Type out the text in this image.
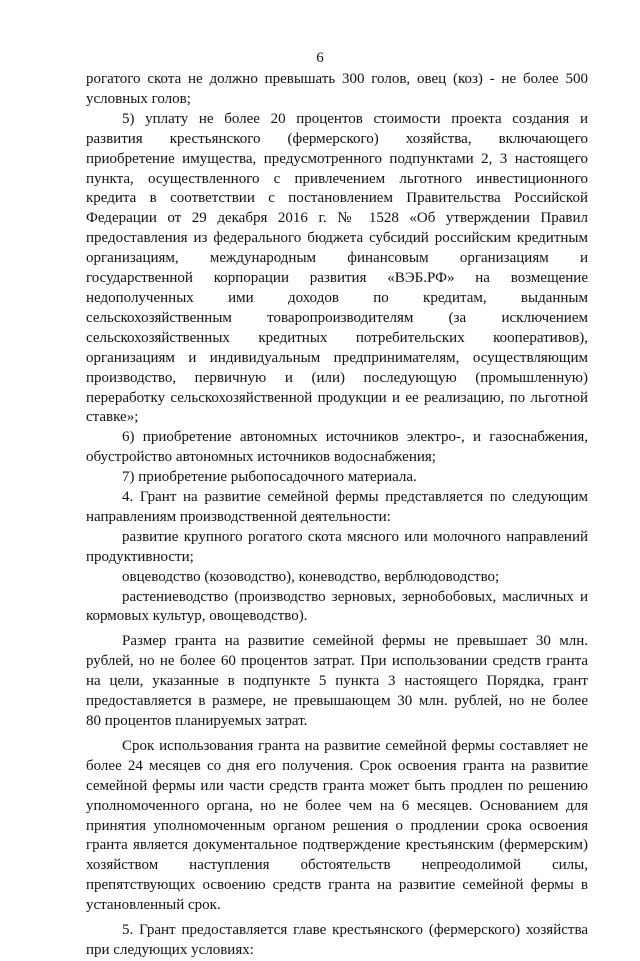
6
рогатого скота не должно превышать 300 голов, овец (коз) - не более 500
условных голов;
5) уплату не более 20 процентов стоимости проекта создания и
развития крестьянского (фермерского) хозяйства, включающего
приобретение имущества, предусмотренного подпунктами 2, 3 настоящего
пункта, осуществленного с привлечением льготного инвестиционного
кредита в соответствии с постановлением Правительства Российской
Федерации от 29 декабря 2016 г. № 1528 «Об утверждении Правил
предоставления из федерального бюджета субсидий российским кредитным
организациям, международным финансовым организациям и
государственной корпорации развития «ВЭБ.РФ» на возмещение
недополученных ими доходов по кредитам, выданным
сельскохозяйственным товаропроизводителям (за исключением
сельскохозяйственных кредитных потребительских кооперативов),
организациям и индивидуальным предпринимателям, осуществляющим
производство, первичную и (или) последующую (промышленную)
переработку сельскохозяйственной продукции и ее реализацию, по льготной
ставке»;
6) приобретение автономных источников электро-, и газоснабжения,
обустройство автономных источников водоснабжения;
7) приобретение рыбопосадочного материала.
4. Грант на развитие семейной фермы представляется по следующим
направлениям производственной деятельности:
развитие крупного рогатого скота мясного или молочного направлений
продуктивности;
овцеводство (козоводство), коневодство, верблюдоводство;
растениеводство (производство зерновых, зернобобовых, масличных и
кормовых культур, овощеводство).
Размер гранта на развитие семейной фермы не превышает 30 млн.
рублей, но не более 60 процентов затрат. При использовании средств гранта
на цели, указанные в подпункте 5 пункта 3 настоящего Порядка, грант
предоставляется в размере, не превышающем 30 млн. рублей, но не более
80 процентов планируемых затрат.
Срок использования гранта на развитие семейной фермы составляет не
более 24 месяцев со дня его получения. Срок освоения гранта на развитие
семейной фермы или части средств гранта может быть продлен по решению
уполномоченного органа, но не более чем на 6 месяцев. Основанием для
принятия уполномоченным органом решения о продлении срока освоения
гранта является документальное подтверждение крестьянским (фермерским)
хозяйством наступления обстоятельств непреодолимой силы,
препятствующих освоению средств гранта на развитие семейной фермы в
установленный срок.
5. Грант предоставляется главе крестьянского (фермерского) хозяйства
при следующих условиях:
